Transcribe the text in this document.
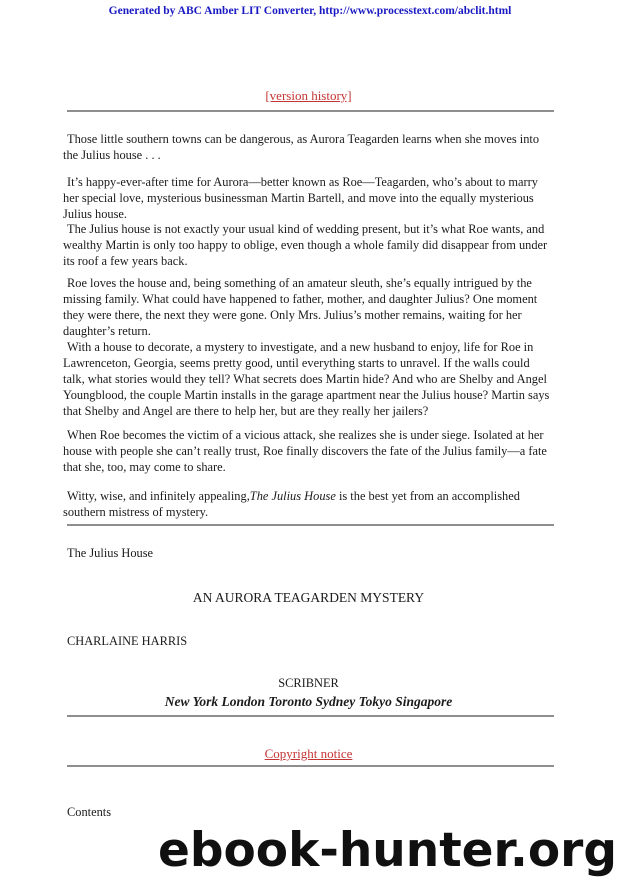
Generated by ABC Amber LIT Converter, http://www.processtext.com/abclit.html
[version history]

Those little southern towns can be dangerous, as Aurora Teagarden learns when she moves into the Julius house . . .

It’s happy-ever-after time for Aurora—better known as Roe—Teagarden, who’s about to marry her special love, mysterious businessman Martin Bartell, and move into the equally mysterious Julius house.

The Julius house is not exactly your usual kind of wedding present, but it’s what Roe wants, and wealthy Martin is only too happy to oblige, even though a whole family did disappear from under its roof a few years back.

Roe loves the house and, being something of an amateur sleuth, she’s equally intrigued by the missing family. What could have happened to father, mother, and daughter Julius? One moment they were there, the next they were gone. Only Mrs. Julius’s mother remains, waiting for her daughter’s return.

With a house to decorate, a mystery to investigate, and a new husband to enjoy, life for Roe in Lawrenceton, Georgia, seems pretty good, until everything starts to unravel. If the walls could talk, what stories would they tell? What secrets does Martin hide? And who are Shelby and Angel Youngblood, the couple Martin installs in the garage apartment near the Julius house? Martin says that Shelby and Angel are there to help her, but are they really her jailers?

When Roe becomes the victim of a vicious attack, she realizes she is under siege. Isolated at her house with people she can’t really trust, Roe finally discovers the fate of the Julius family—a fate that she, too, may come to share.

Witty, wise, and infinitely appealing,The Julius House is the best yet from an accomplished southern mistress of mystery.

The Julius House

AN AURORA TEAGARDEN MYSTERY

CHARLAINE HARRIS

SCRIBNER

New York London Toronto Sydney Tokyo Singapore

Copyright notice

Contents

ebook-hunter.org
